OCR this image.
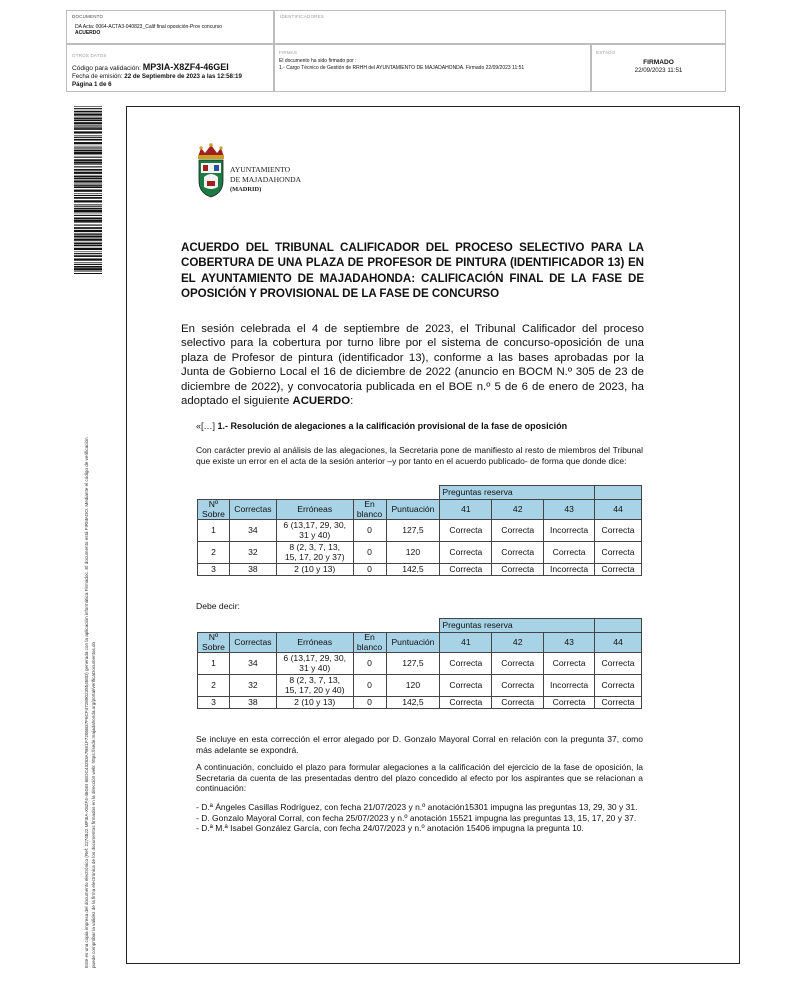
DOCUMENTO
DA Acta: 0064-ACTA3-040823_Calif final oposición-Prov concurso
ACUERDO
IDENTIFICADORES
OTROS DATOS
Código para validación: MP3IA-X8ZF4-46GEI
Fecha de emisión: 22 de Septiembre de 2023 a las 12:58:19
Página 1 de 6
FIRMAS
El documento ha sido firmado por :
1.- Cargo Técnico de Gestión de RRHH del AYUNTAMIENTO DE MAJADAHONDA. Firmado 22/09/2023 11:51
ESTADO
FIRMADO
22/09/2023 11:51
Este es una copia impresa del documento electrónico (Ref: 2274822 MP3IA-X8ZF4-46GEI 6EDC43283A7BE1F7206B37F6CF4728902355458D) generada con la aplicación informática Firmadoc. El documento está FIRMADO. Mediante el código de verificación puede comprobar la validez de la firma electrónica de los documentos firmados en la dirección web: https://sede.majadahonda.org/portal/verificaDocumentos.do
AYUNTAMIENTO
DE MAJADAHONDA
(MADRID)
ACUERDO DEL TRIBUNAL CALIFICADOR DEL PROCESO SELECTIVO PARA LA COBERTURA DE UNA PLAZA DE PROFESOR DE PINTURA (IDENTIFICADOR 13) EN EL AYUNTAMIENTO DE MAJADAHONDA: CALIFICACIÓN FINAL DE LA FASE DE OPOSICIÓN Y PROVISIONAL DE LA FASE DE CONCURSO
En sesión celebrada el 4 de septiembre de 2023, el Tribunal Calificador del proceso selectivo para la cobertura por turno libre por el sistema de concurso-oposición de una plaza de Profesor de pintura (identificador 13), conforme a las bases aprobadas por la Junta de Gobierno Local el 16 de diciembre de 2022 (anuncio en BOCM N.º 305 de 23 de diciembre de 2022), y convocatoria publicada en el BOE n.º 5 de 6 de enero de 2023, ha adoptado el siguiente ACUERDO:
«[…] 1.- Resolución de alegaciones a la calificación provisional de la fase de oposición
Con carácter previo al análisis de las alegaciones, la Secretaria pone de manifiesto al resto de miembros del Tribunal que existe un error en el acta de la sesión anterior –y por tanto en el acuerdo publicado- de forma que donde dice:
					Preguntas reserva			
Nº Sobre	Correctas	Erróneas	En blanco	Puntuación	41	42	43	44
1	34	6 (13,17, 29, 30, 31 y 40)	0	127,5	Correcta	Correcta	Incorrecta	Correcta
2	32	8 (2, 3, 7, 13, 15, 17, 20 y 37)	0	120	Correcta	Correcta	Correcta	Correcta
3	38	2 (10 y 13)	0	142,5	Correcta	Correcta	Incorrecta	Correcta
Debe decir:
					Preguntas reserva			
Nº Sobre	Correctas	Erróneas	En blanco	Puntuación	41	42	43	44
1	34	6 (13,17, 29, 30, 31 y 40)	0	127,5	Correcta	Correcta	Correcta	Correcta
2	32	8 (2, 3, 7, 13, 15, 17, 20 y 40)	0	120	Correcta	Correcta	Incorrecta	Correcta
3	38	2 (10 y 13)	0	142,5	Correcta	Correcta	Correcta	Correcta
Se incluye en esta corrección el error alegado por D. Gonzalo Mayoral Corral en relación con la pregunta 37, como más adelante se expondrá.
A continuación, concluido el plazo para formular alegaciones a la calificación del ejercicio de la fase de oposición, la Secretaria da cuenta de las presentadas dentro del plazo concedido al efecto por los aspirantes que se relacionan a continuación:
- D.ª Ángeles Casillas Rodríguez, con fecha 21/07/2023 y n.º anotación15301 impugna las preguntas 13, 29, 30 y 31.
- D. Gonzalo Mayoral Corral, con fecha 25/07/2023 y n.º anotación 15521 impugna las preguntas 13, 15, 17, 20 y 37.
- D.ª M.ª Isabel González García, con fecha 24/07/2023 y n.º anotación 15406 impugna la pregunta 10.
